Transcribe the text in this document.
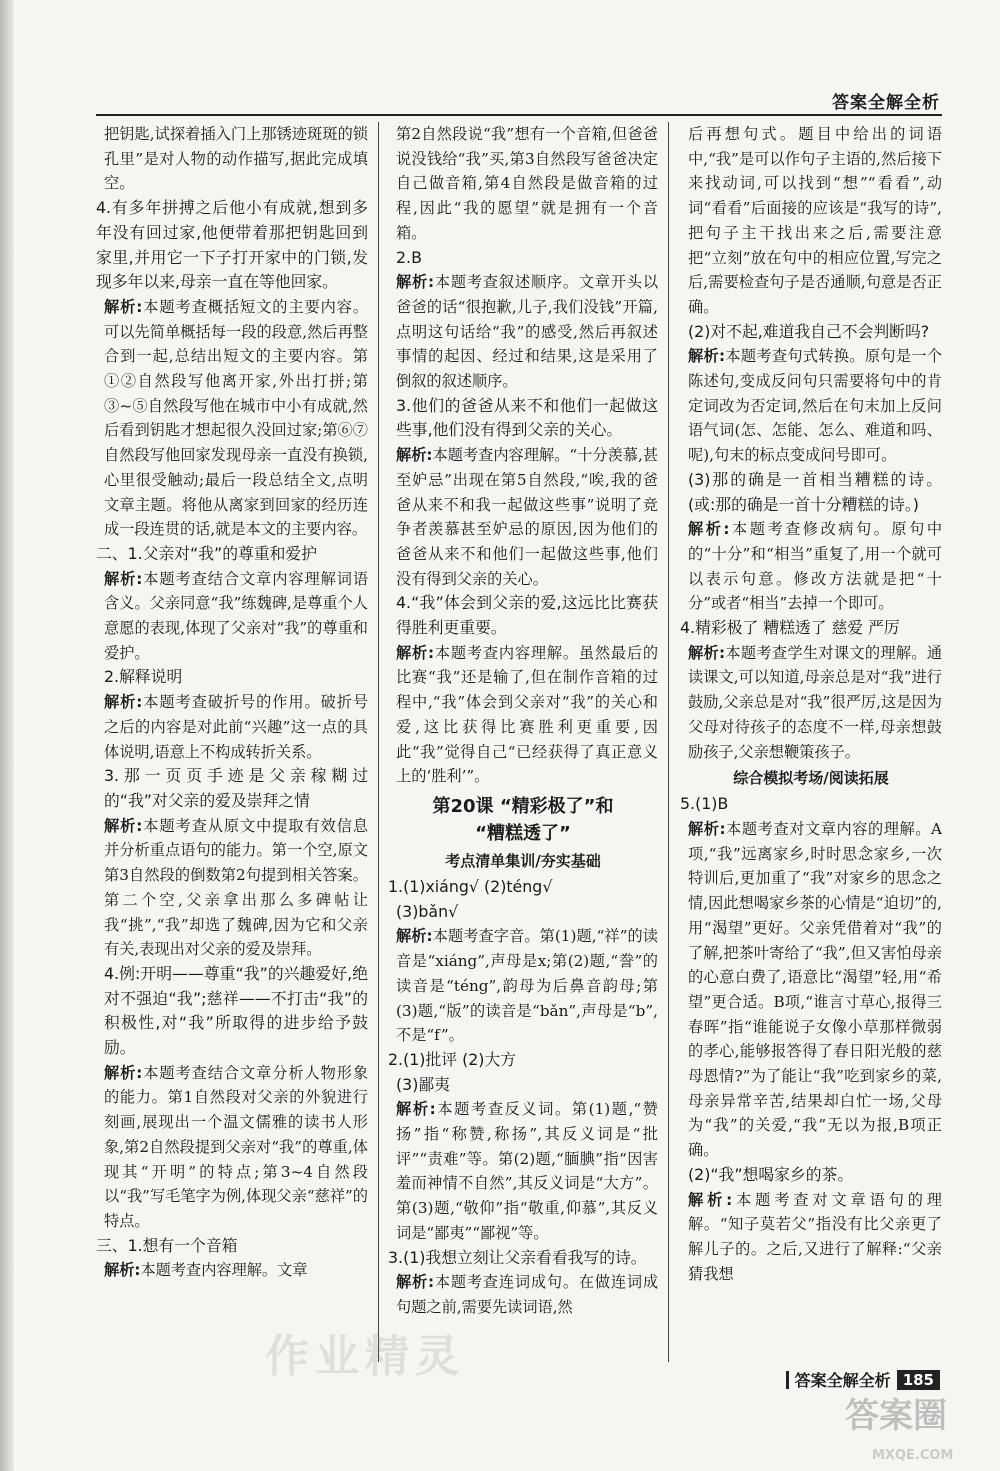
答案全解全析

把钥匙,试探着插入门上那锈迹斑斑的锁孔里”是对人物的动作描写,据此完成填空。

4.有多年拼搏之后他小有成就,想到多年没有回过家,他便带着那把钥匙回到家里,并用它一下子打开家中的门锁,发现多年以来,母亲一直在等他回家。

解析:本题考查概括短文的主要内容。可以先简单概括每一段的段意,然后再整合到一起,总结出短文的主要内容。第①②自然段写他离开家,外出打拼;第③~⑤自然段写他在城市中小有成就,然后看到钥匙才想起很久没回过家;第⑥⑦自然段写他回家发现母亲一直没有换锁,心里很受触动;最后一段总结全文,点明文章主题。将他从离家到回家的经历连成一段连贯的话,就是本文的主要内容。

二、1.父亲对“我”的尊重和爱护

解析:本题考查结合文章内容理解词语含义。父亲同意“我”练魏碑,是尊重个人意愿的表现,体现了父亲对“我”的尊重和爱护。

2.解释说明

解析:本题考查破折号的作用。破折号之后的内容是对此前“兴趣”这一点的具体说明,语意上不构成转折关系。

3.那一页页手迹是父亲稼糊过的“我”对父亲的爱及崇拜之情

解析:本题考查从原文中提取有效信息并分析重点语句的能力。第一个空,原文第3自然段的倒数第2句提到相关答案。第二个空,父亲拿出那么多碑帖让我“挑”,“我”却选了魏碑,因为它和父亲有关,表现出对父亲的爱及崇拜。

4.例:开明——尊重“我”的兴趣爱好,绝对不强迫“我”;慈祥——不打击“我”的积极性,对“我”所取得的进步给予鼓励。

解析:本题考查结合文章分析人物形象的能力。第1自然段对父亲的外貌进行刻画,展现出一个温文儒雅的读书人形象,第2自然段提到父亲对“我”的尊重,体现其“开明”的特点;第3~4自然段以“我”写毛笔字为例,体现父亲“慈祥”的特点。

三、1.想有一个音箱

解析:本题考查内容理解。文章

第2自然段说“我”想有一个音箱,但爸爸说没钱给“我”买,第3自然段写爸爸决定自己做音箱,第4自然段是做音箱的过程,因此“我的愿望”就是拥有一个音箱。

2.B

解析:本题考查叙述顺序。文章开头以爸爸的话“很抱歉,儿子,我们没钱”开篇,点明这句话给“我”的感受,然后再叙述事情的起因、经过和结果,这是采用了倒叙的叙述顺序。

3.他们的爸爸从来不和他们一起做这些事,他们没有得到父亲的关心。

解析:本题考查内容理解。“十分羡慕,甚至妒忌”出现在第5自然段,“唉,我的爸爸从来不和我一起做这些事”说明了竞争者羡慕甚至妒忌的原因,因为他们的爸爸从来不和他们一起做这些事,他们没有得到父亲的关心。

4.“我”体会到父亲的爱,这远比比赛获得胜利更重要。

解析:本题考查内容理解。虽然最后的比赛“我”还是输了,但在制作音箱的过程中,“我”体会到父亲对“我”的关心和爱,这比获得比赛胜利更重要,因此“我”觉得自己“已经获得了真正意义上的‘胜利’”。

第20课 “精彩极了”和
“糟糕透了”
考点清单集训/夯实基础

1.(1)xiáng√ (2)téng√

(3)bǎn√

解析:本题考查字音。第(1)题,“祥”的读音是“xiáng”,声母是x;第(2)题,“誊”的读音是“téng”,韵母为后鼻音韵母;第(3)题,“版”的读音是“bǎn”,声母是“b”,不是“f”。

2.(1)批评 (2)大方

(3)鄙夷

解析:本题考查反义词。第(1)题,“赞扬”指“称赞,称扬”,其反义词是“批评”“责难”等。第(2)题,“腼腆”指“因害羞而神情不自然”,其反义词是“大方”。第(3)题,“敬仰”指“敬重,仰慕”,其反义词是“鄙夷”“鄙视”等。

3.(1)我想立刻让父亲看看我写的诗。

解析:本题考查连词成句。在做连词成句题之前,需要先读词语,然

后再想句式。题目中给出的词语中,“我”是可以作句子主语的,然后接下来找动词,可以找到“想”“看看”,动词“看看”后面接的应该是“我写的诗”,把句子主干找出来之后,需要注意把“立刻”放在句中的相应位置,写完之后,需要检查句子是否通顺,句意是否正确。

(2)对不起,难道我自己不会判断吗?

解析:本题考查句式转换。原句是一个陈述句,变成反问句只需要将句中的肯定词改为否定词,然后在句末加上反问语气词(怎、怎能、怎么、难道和吗、呢),句末的标点变成问号即可。

(3)那的确是一首相当糟糕的诗。(或:那的确是一首十分糟糕的诗。)

解析:本题考查修改病句。原句中的“十分”和“相当”重复了,用一个就可以表示句意。修改方法就是把“十分”或者“相当”去掉一个即可。

4.精彩极了 糟糕透了 慈爱 严厉

解析:本题考查学生对课文的理解。通读课文,可以知道,母亲总是对“我”进行鼓励,父亲总是对“我”很严厉,这是因为父母对待孩子的态度不一样,母亲想鼓励孩子,父亲想鞭策孩子。

综合模拟考场/阅读拓展

5.(1)B

解析:本题考查对文章内容的理解。A项,“我”远离家乡,时时思念家乡,一次特训后,更加重了“我”对家乡的思念之情,因此想喝家乡茶的心情是“迫切”的,用“渴望”更好。父亲凭借着对“我”的了解,把茶叶寄给了“我”,但又害怕母亲的心意白费了,语意比“渴望”轻,用“希望”更合适。B项,“谁言寸草心,报得三春晖”指“谁能说子女像小草那样微弱的孝心,能够报答得了春日阳光般的慈母恩情?”为了能让“我”吃到家乡的菜,母亲异常辛苦,结果却白忙一场,父母为“我”的关爱,“我”无以为报,B项正确。

(2)“我”想喝家乡的茶。

解析:本题考查对文章语句的理解。“知子莫若父”指没有比父亲更了解儿子的。之后,又进行了解释:“父亲猜我想

作业精灵
答案圈
MXQE.COM
答案全解全析 185
